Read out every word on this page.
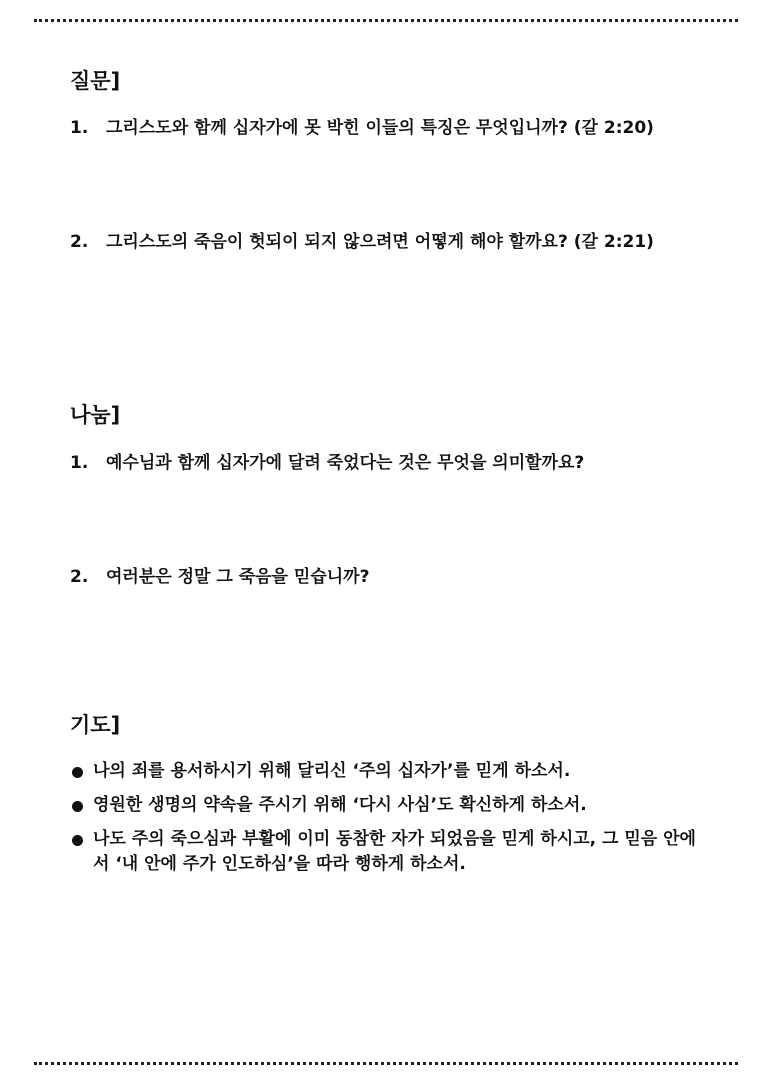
질문]
1.	그리스도와 함께 십자가에 못 박힌 이들의 특징은 무엇입니까? (갈 2:20)
2.	그리스도의 죽음이 헛되이 되지 않으려면 어떻게 해야 할까요? (갈 2:21)
나눔]
1.	예수님과 함께 십자가에 달려 죽었다는 것은 무엇을 의미할까요?
2.	여러분은 정말 그 죽음을 믿습니까?
기도]
나의 죄를 용서하시기 위해 달리신 ‘주의 십자가’를 믿게 하소서.
영원한 생명의 약속을 주시기 위해 ‘다시 사심’도 확신하게 하소서.
나도 주의 죽으심과 부활에 이미 동참한 자가 되었음을 믿게 하시고, 그 믿음 안에서 ‘내 안에 주가 인도하심’을 따라 행하게 하소서.
